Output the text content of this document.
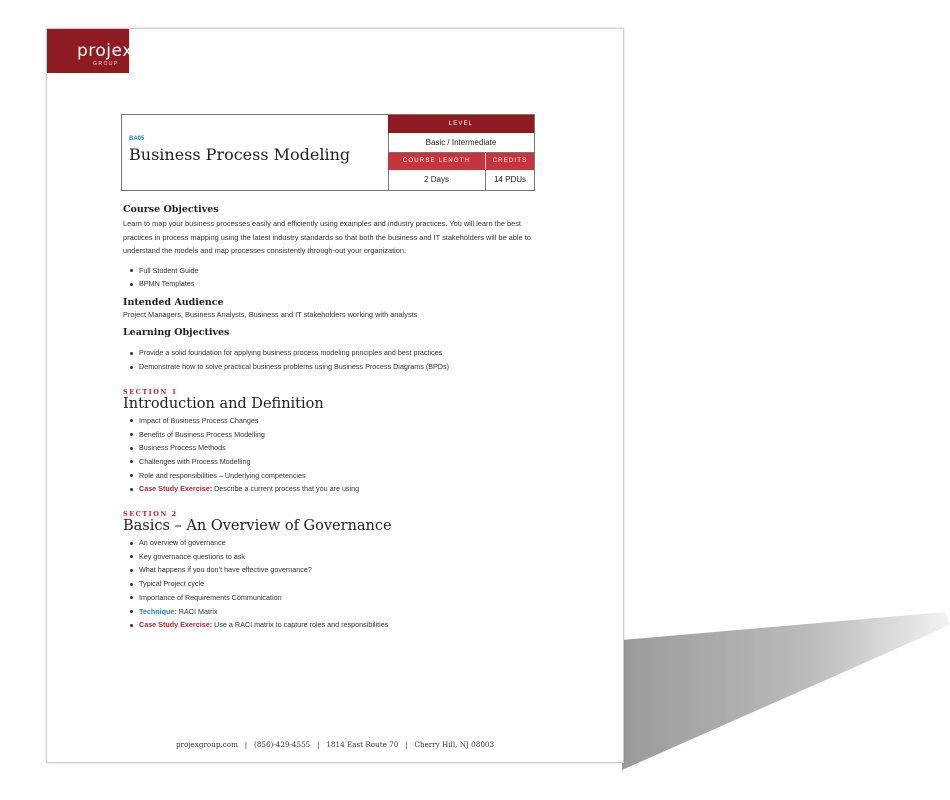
projex
GROUP
BA05
Business Process Modeling
LEVEL
Basic / Intermediate
COURSE LENGTH	CREDITS
2 Days	14 PDUs
Course Objectives

Learn to map your business processes easily and efficiently using examples and industry practices. You will learn the best practices in process mapping using the latest industry standards so that both the business and IT stakeholders will be able to understand the models and map processes consistently through-out your organization.

Full Student Guide
BPMN Templates
Intended Audience

Project Managers, Business Analysts, Business and IT stakeholders working with analysts

Learning Objectives
Provide a solid foundation for applying business process modeling principles and best practices
Demonstrate how to solve practical business problems using Business Process Diagrams (BPDs)
SECTION 1
Introduction and Definition
Impact of Business Process Changes
Benefits of Business Process Modelling
Business Process Methods
Challenges with Process Modelling
Role and responsibilities – Underlying competencies
Case Study Exercise: Describe a current process that you are using
SECTION 2
Basics – An Overview of Governance
An overview of governance
Key governance questions to ask
What happens if you don’t have effective governance?
Typical Project cycle
Importance of Requirements Communication
Technique: RACI Matrix
Case Study Exercise: Use a RACI matrix to capture roles and responsibilities
projexgroup.com   |   (856)-429-4555   |   1814 East Route 70   |   Cherry Hill, NJ 08003
